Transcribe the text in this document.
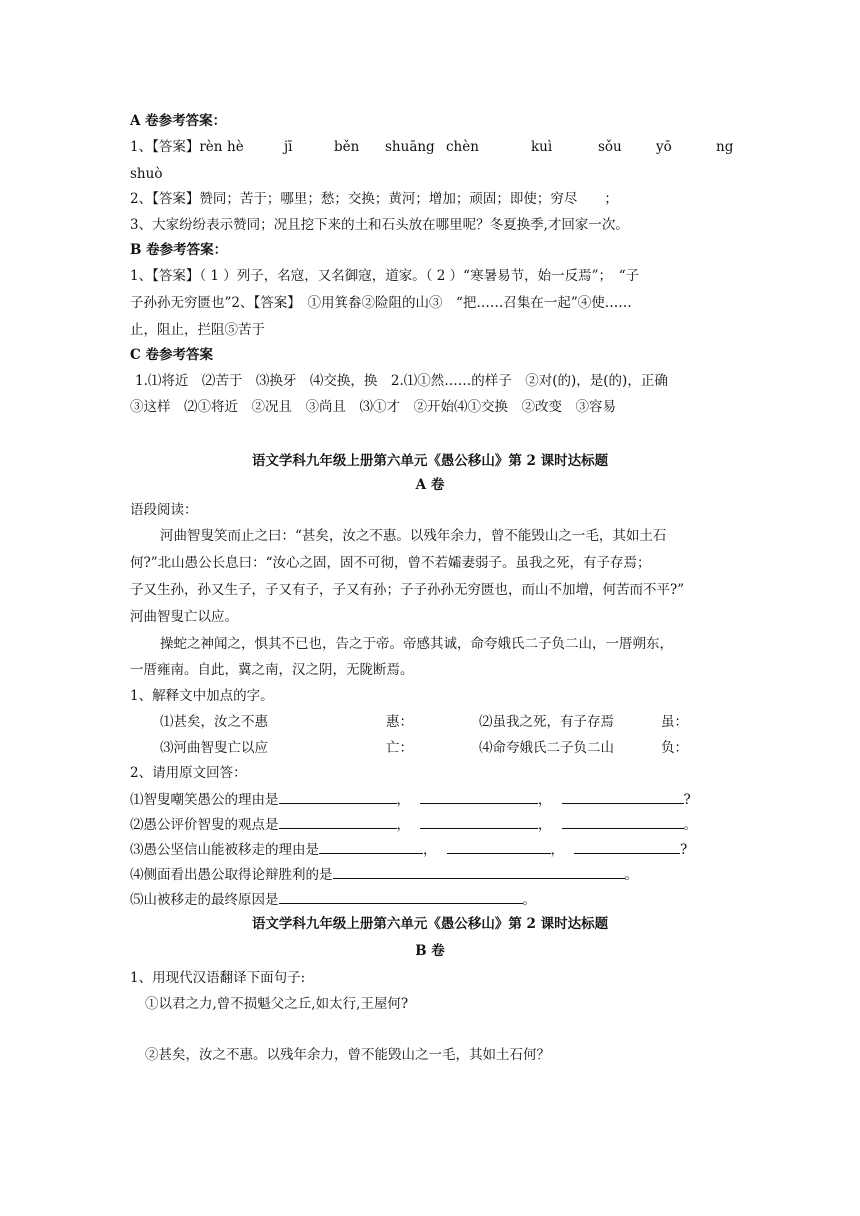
A 卷参考答案：
1、【答案】rèn hè	jī	běn shuāng chèn	kuì	sǒu	yō	ng
shuò
2、【答案】赞同；苦于；哪里；愁；交换；黄河；增加；顽固；即使；穷尽　　；
3、大家纷纷表示赞同；况且挖下来的土和石头放在哪里呢？冬夏换季,才回家一次。
B 卷参考答案：
1、【答案】（ 1 ）列子，名寇，又名御寇，道家。（ 2 ）“寒暑易节，始一反焉”；　“子
子孙孙无穷匮也”2、【答案】　①用箕畚②险阻的山③　“把……召集在一起”④使……
止，阻止，拦阻⑤苦于
C 卷参考答案
1.⑴将近　⑵苦于　⑶换牙　⑷交换，换　2.⑴①然……的样子　②对(的)，是(的)，正确
③这样　⑵①将近　②况且　③尚且　⑶①才　②开始⑷①交换　②改变　③容易
语文学科九年级上册第六单元《愚公移山》第 2 课时达标题
A 卷
语段阅读：
河曲智叟笑而止之曰：“甚矣，汝之不惠。以残年余力，曾不能毁山之一毛，其如土石
何?”北山愚公长息曰：“汝心之固，固不可彻，曾不若孀妻弱子。虽我之死，有子存焉；
子又生孙，孙又生子，子又有子，子又有孙；子子孙孙无穷匮也，而山不加增，何苦而不平?”
河曲智叟亡以应。
操蛇之神闻之，惧其不已也，告之于帝。帝感其诚，命夸娥氏二子负二山，一厝朔东，
一厝雍南。自此，冀之南，汉之阴，无陇断焉。
1、解释文中加点的字。
⑴甚矣，汝之不惠	惠：	⑵虽我之死，有子存焉	虽：
⑶河曲智叟亡以应	亡：	⑷命夸娥氏二子负二山	负：
2、请用原文回答：
⑴智叟嘲笑愚公的理由是	，	，	?
⑵愚公评价智叟的观点是	，	，	。
⑶愚公坚信山能被移走的理由是	，	，	?
⑷侧面看出愚公取得论辩胜利的是	。
⑸山被移走的最终原因是	。
语文学科九年级上册第六单元《愚公移山》第 2 课时达标题
B 卷
1、用现代汉语翻译下面句子:
①以君之力,曾不损魁父之丘,如太行,王屋何?
②甚矣，汝之不惠。以残年余力，曾不能毁山之一毛，其如土石何？
